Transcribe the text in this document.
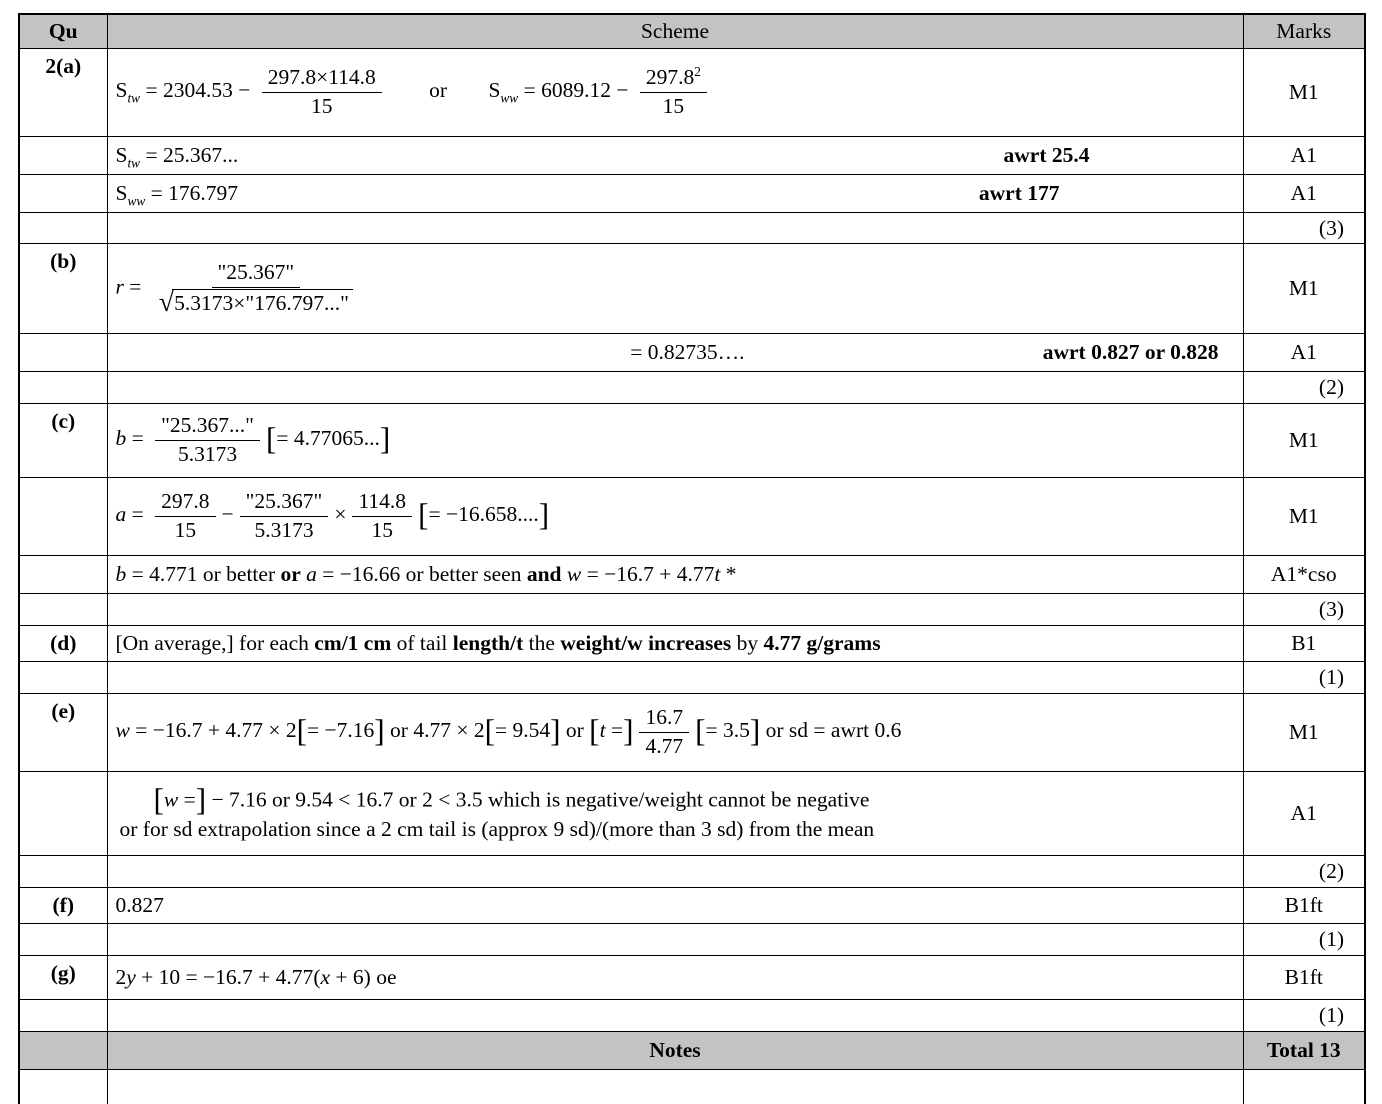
Qu	Scheme	Marks
2(a)	$S_{tw} = 2304.53 - \frac{297.8\times 114.8}{15}$ or $S_{ww} = 6089.12 - \frac{297.8^2}{15}$	M1

	$S_{tw} = 25.367$... awrt 25.4	A1

	$S_{ww} = 176.797$ awrt 177	A1
		(3)
(b)	$r = \frac{"25.367"}{√ 5.3173\times"176.797..."}$	M1

	= 0.82735…. awrt 0.827 or 0.828	A1
		(2)
(c)	$b = \frac{"25.367..."}{5.3173}$ [= 4.77065...]	M1
	$a = \frac{297.8}{15} - \frac{"25.367"}{5.3173} \times \frac{114.8}{15}$ [= −16.658....]	M1
	b = 4.771 or better or a = −16.66 or better seen and w = −16.7 + 4.77t *	A1*cso
		(3)
(d)	[On average,] for each cm/1 cm of tail length/t the weight/w increases by 4.77 g/grams	B1
		(1)
(e)	w = −16.7 + 4.77 × 2[= −7.16] or 4.77 × 2[= 9.54] or [t =] $\frac{16.7}{4.77}$ [= 3.5] or sd = awrt 0.6	M1

	[w =] − 7.16 or 9.54 < 16.7 or 2 < 3.5 which is negative/weight cannot be negative
or for sd extrapolation since a 2 cm tail is (approx 9 sd)/(more than 3 sd) from the mean	A1
		(2)
(f)	0.827	B1ft
		(1)
(g)	2y + 10 = −16.7 + 4.77(x + 6) oe	B1ft
		(1)
	Notes	Total 13
